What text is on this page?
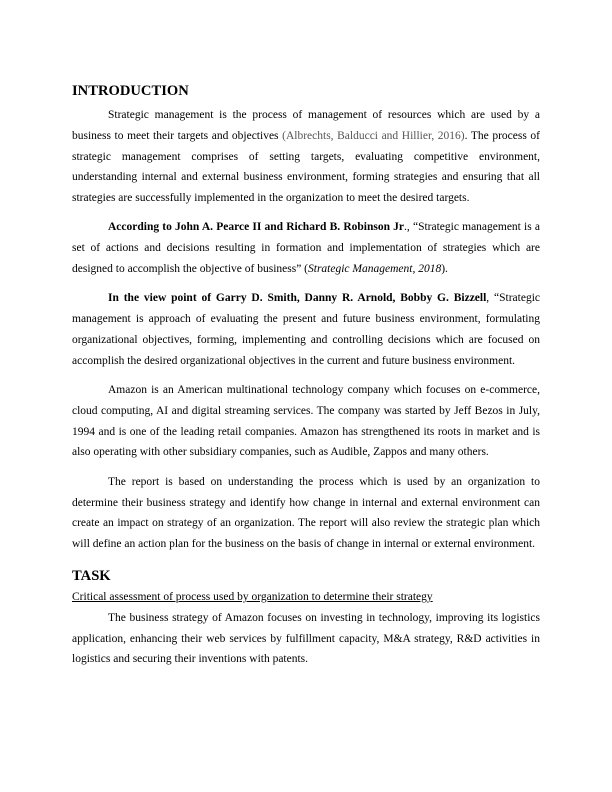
INTRODUCTION

Strategic management is the process of management of resources which are used by a business to meet their targets and objectives (Albrechts, Balducci and Hillier, 2016). The process of strategic management comprises of setting targets, evaluating competitive environment, understanding internal and external business environment, forming strategies and ensuring that all strategies are successfully implemented in the organization to meet the desired targets.

According to John A. Pearce II and Richard B. Robinson Jr., “Strategic management is a set of actions and decisions resulting in formation and implementation of strategies which are designed to accomplish the objective of business” (Strategic Management, 2018).

In the view point of Garry D. Smith, Danny R. Arnold, Bobby G. Bizzell, “Strategic management is approach of evaluating the present and future business environment, formulating organizational objectives, forming, implementing and controlling decisions which are focused on accomplish the desired organizational objectives in the current and future business environment.

Amazon is an American multinational technology company which focuses on e-commerce, cloud computing, AI and digital streaming services. The company was started by Jeff Bezos in July, 1994 and is one of the leading retail companies. Amazon has strengthened its roots in market and is also operating with other subsidiary companies, such as Audible, Zappos and many others.

The report is based on understanding the process which is used by an organization to determine their business strategy and identify how change in internal and external environment can create an impact on strategy of an organization. The report will also review the strategic plan which will define an action plan for the business on the basis of change in internal or external environment.

TASK
Critical assessment of process used by organization to determine their strategy

The business strategy of Amazon focuses on investing in technology, improving its logistics application, enhancing their web services by fulfillment capacity, M&A strategy, R&D activities in logistics and securing their inventions with patents.
